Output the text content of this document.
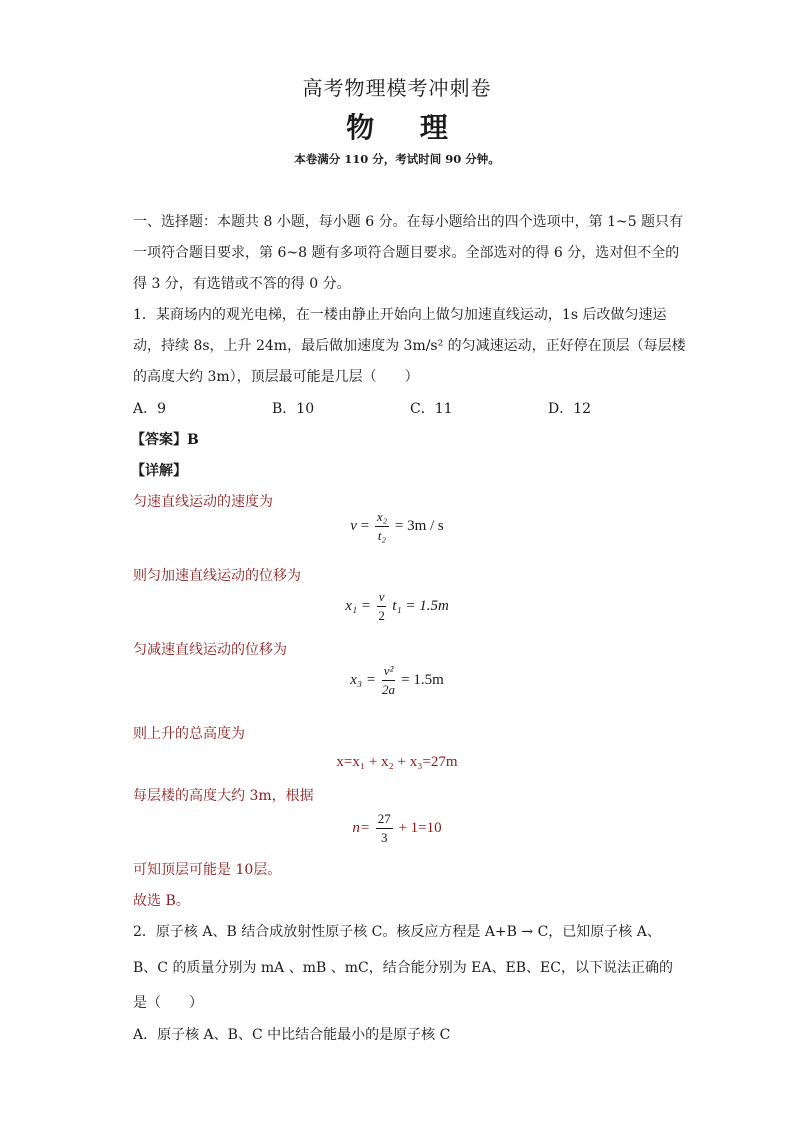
高考物理模考冲刺卷
物 理
本卷满分 110 分，考试时间 90 分钟。
一、选择题：本题共 8 小题，每小题 6 分。在每小题给出的四个选项中，第 1~5 题只有
一项符合题目要求，第 6~8 题有多项符合题目要求。全部选对的得 6 分，选对但不全的
得 3 分，有选错或不答的得 0 分。
1．某商场内的观光电梯，在一楼由静止开始向上做匀加速直线运动，1s 后改做匀速运
动，持续 8s，上升 24m，最后做加速度为 3m/s² 的匀减速运动，正好停在顶层（每层楼
的高度大约 3m），顶层最可能是几层（　　）
A．9	B．10	C．11	D．12
【答案】B
【详解】
匀速直线运动的速度为
$v = \frac{\text{x₂}}{\text{t₂}} = 3m / s$
则匀加速直线运动的位移为
$x_1 = \frac{v}{2} t_1 = 1.5m$
匀减速直线运动的位移为
$x_3 = \frac{\text{v²}}{2a} = 1.5m$
则上升的总高度为
x=x₁ + x₂ + x₃=27m
每层楼的高度大约 3m，根据
$n= \frac{27}{3} + 1=10$
可知顶层可能是 10层。
故选 B。
2．原子核 A、B 结合成放射性原子核 C。核反应方程是 A+B → C，已知原子核 A、
B、C 的质量分别为 mA 、mB 、mC，结合能分别为 EA、EB、EC，以下说法正确的
是（　　）
A．原子核 A、B、C 中比结合能最小的是原子核 C
